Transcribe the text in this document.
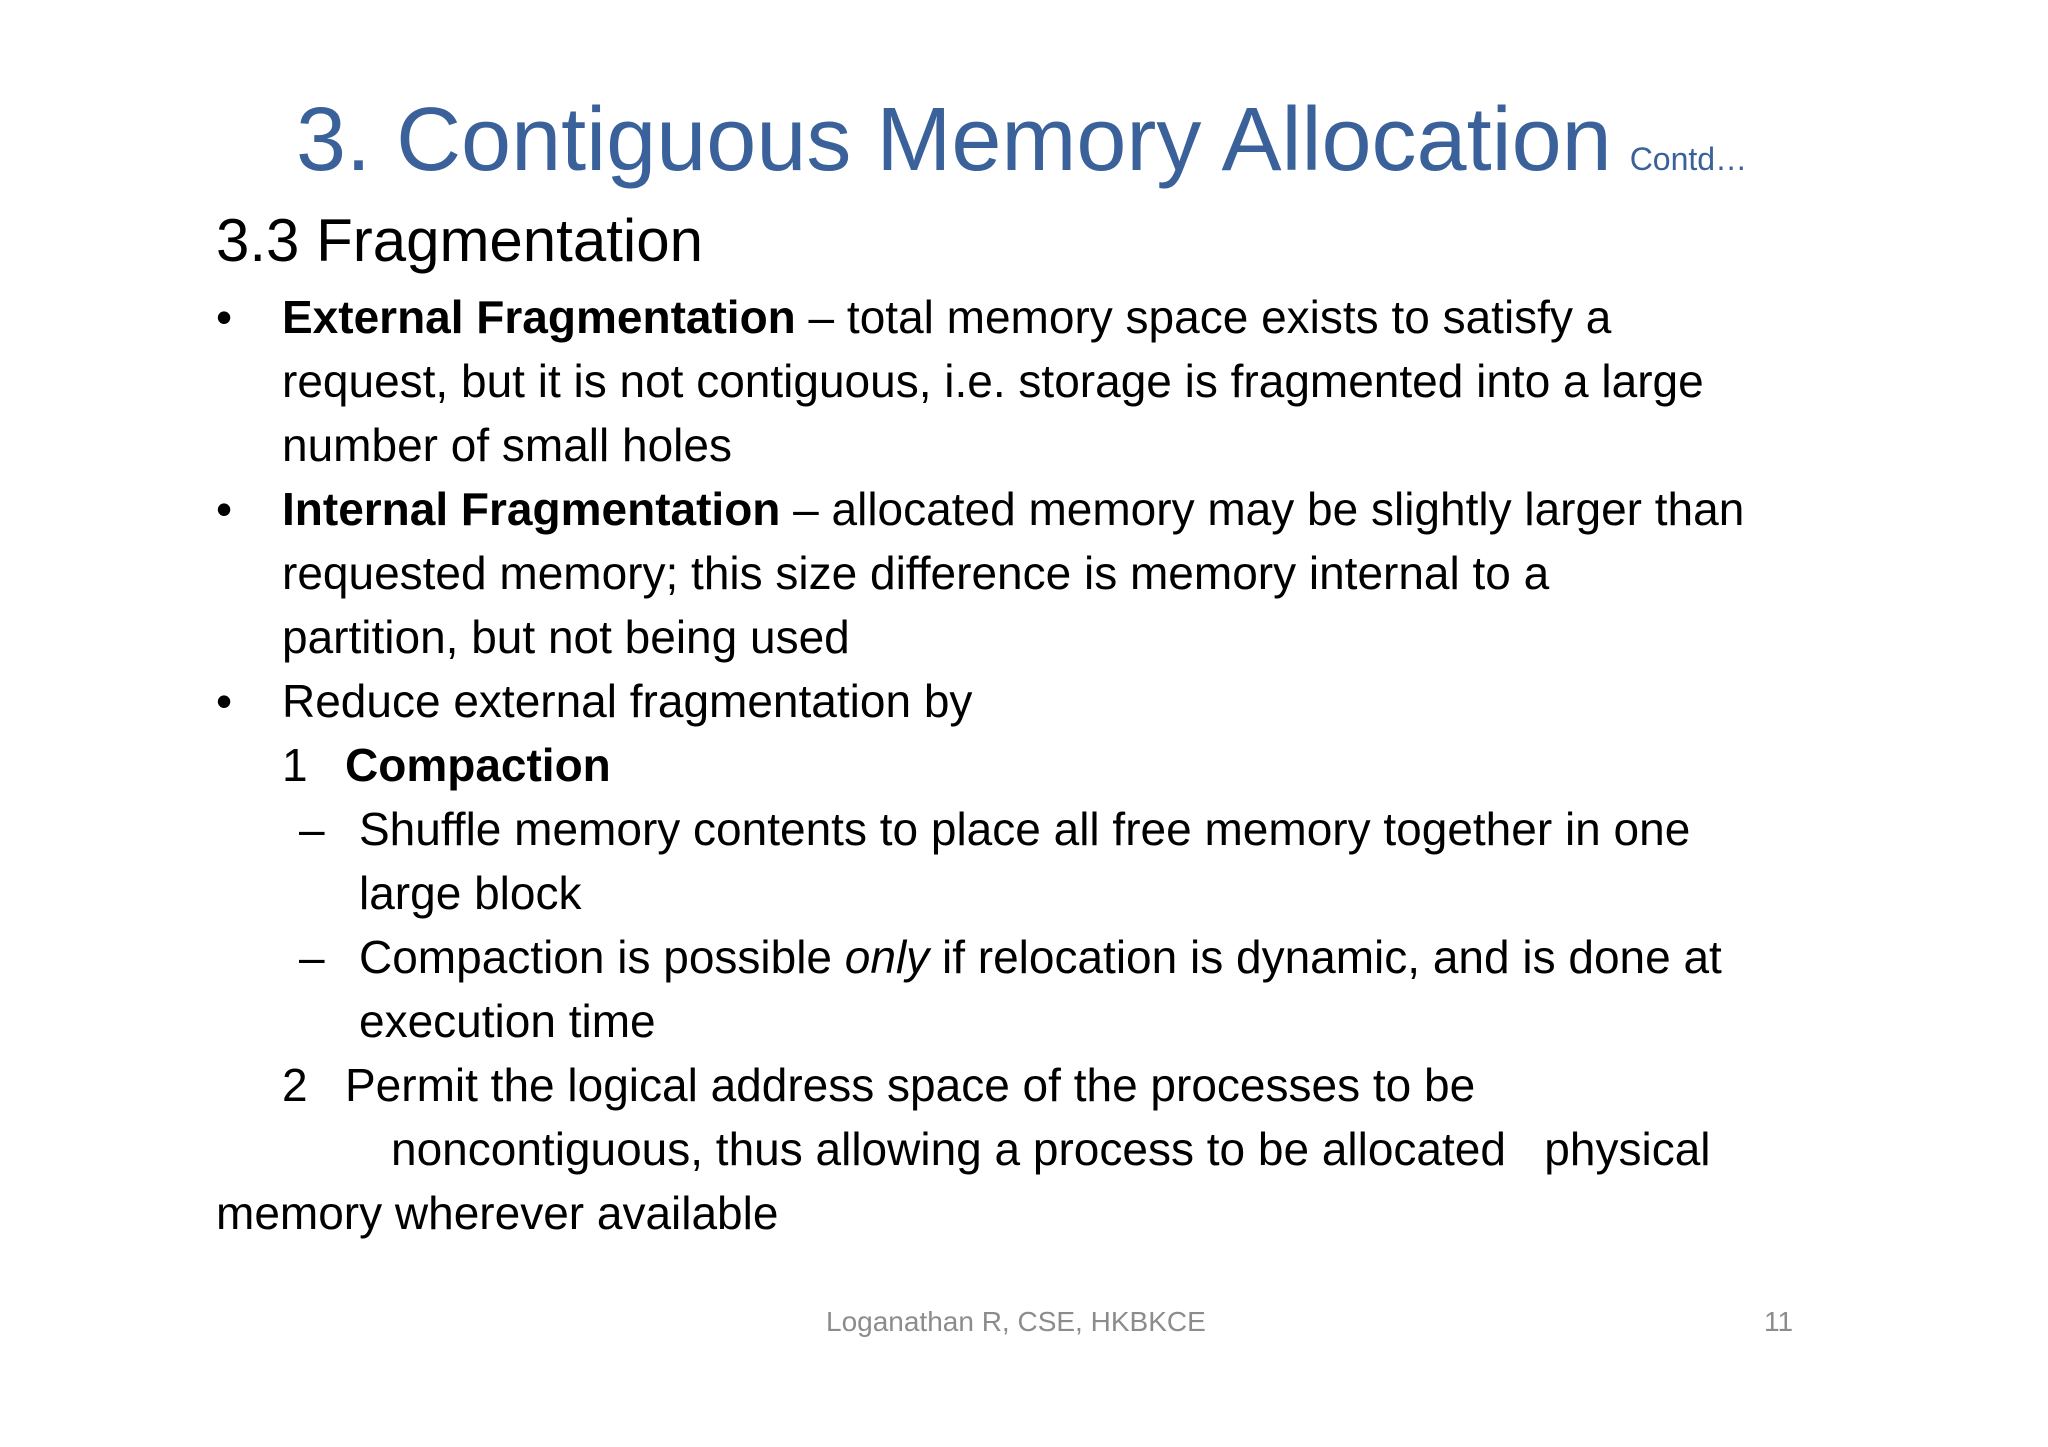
3. Contiguous Memory Allocation Contd…
3.3 Fragmentation
•	External Fragmentation – total memory space exists to satisfy a
request, but it is not contiguous, i.e. storage is fragmented into a large
number of small holes
•	Internal Fragmentation – allocated memory may be slightly larger than
requested memory; this size difference is memory internal to a
partition, but not being used
•	Reduce external fragmentation by
1 Compaction
– Shuffle memory contents to place all free memory together in one
large block
– Compaction is possible only if relocation is dynamic, and is done at
execution time
2 Permit the logical address space of the processes to be
noncontiguous, thus allowing a process to be allocated   physical
memory wherever available
Loganathan R, CSE, HKBKCE	11
